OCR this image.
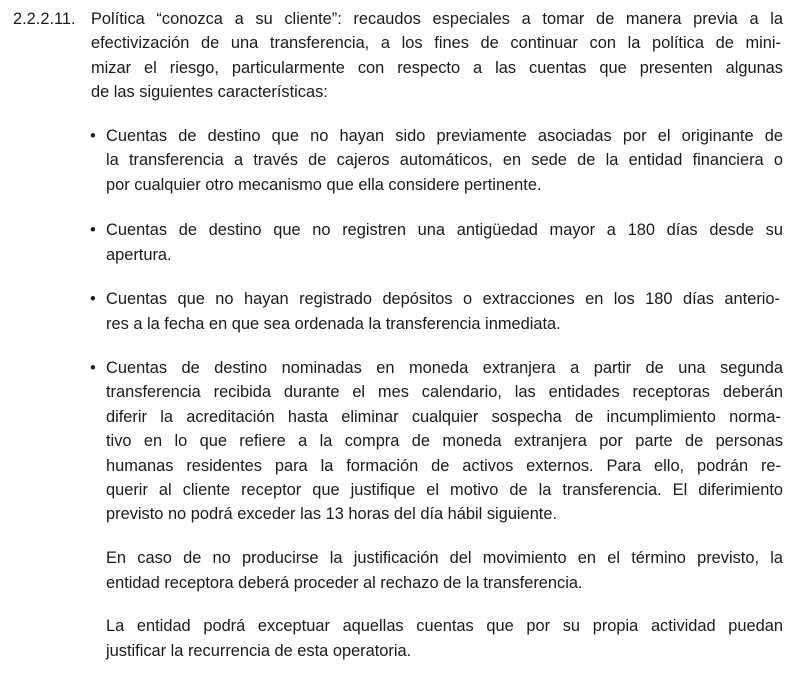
2.2.2.11. Política “conozca a su cliente”: recaudos especiales a tomar de manera previa a la
efectivización de una transferencia, a los fines de continuar con la política de mini-
mizar el riesgo, particularmente con respecto a las cuentas que presenten algunas
de las siguientes características:
• Cuentas de destino que no hayan sido previamente asociadas por el originante de
la transferencia a través de cajeros automáticos, en sede de la entidad financiera o
por cualquier otro mecanismo que ella considere pertinente.
• Cuentas de destino que no registren una antigüedad mayor a 180 días desde su
apertura.
• Cuentas que no hayan registrado depósitos o extracciones en los 180 días anterio-
res a la fecha en que sea ordenada la transferencia inmediata.
• Cuentas de destino nominadas en moneda extranjera a partir de una segunda
transferencia recibida durante el mes calendario, las entidades receptoras deberán
diferir la acreditación hasta eliminar cualquier sospecha de incumplimiento norma-
tivo en lo que refiere a la compra de moneda extranjera por parte de personas
humanas residentes para la formación de activos externos. Para ello, podrán re-
querir al cliente receptor que justifique el motivo de la transferencia. El diferimiento
previsto no podrá exceder las 13 horas del día hábil siguiente.
En caso de no producirse la justificación del movimiento en el término previsto, la
entidad receptora deberá proceder al rechazo de la transferencia.
La entidad podrá exceptuar aquellas cuentas que por su propia actividad puedan
justificar la recurrencia de esta operatoria.
